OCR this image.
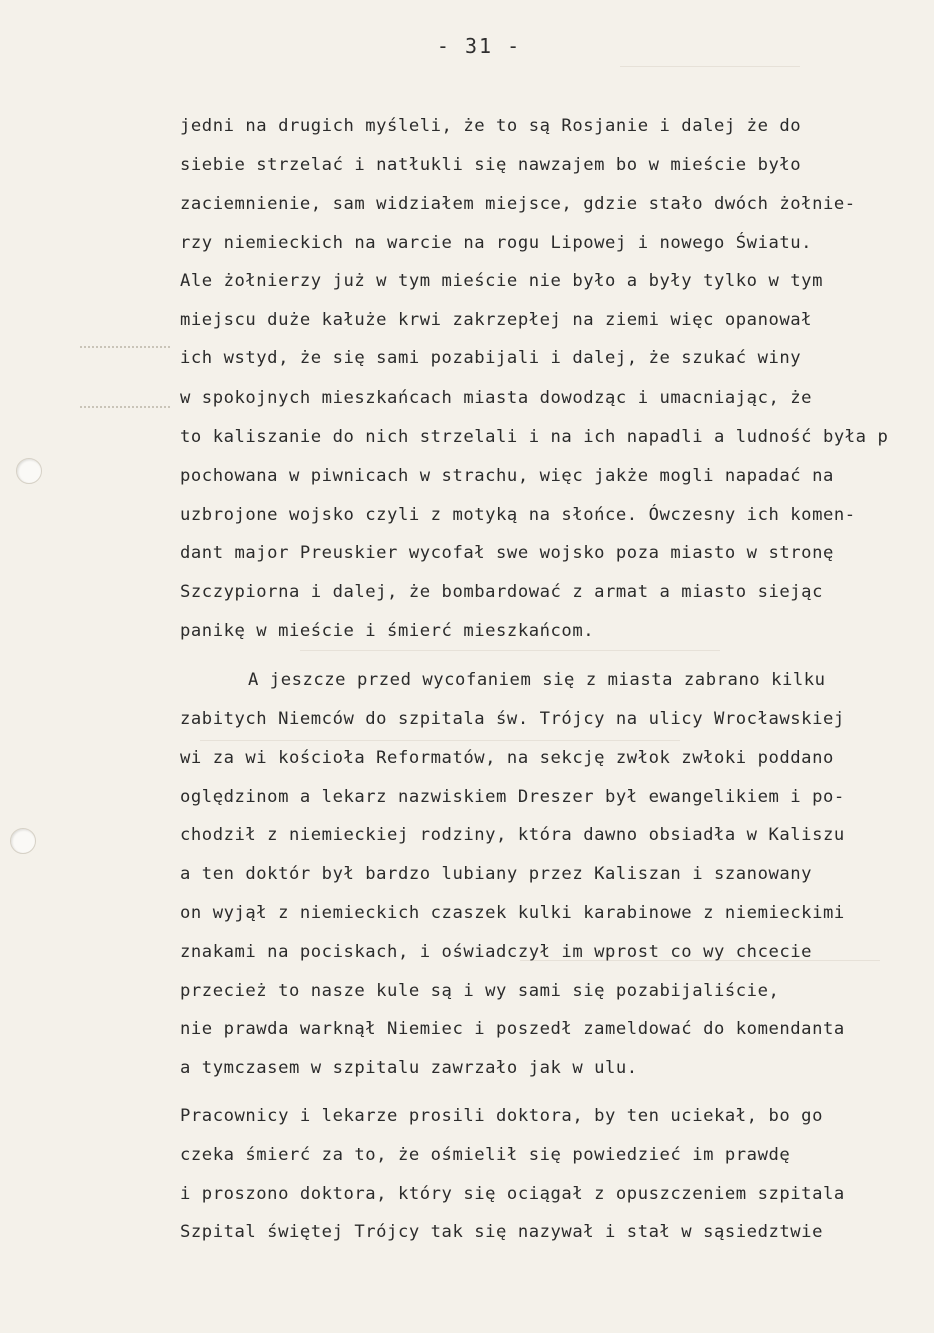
- 31 -
jedni na drugich myśleli, że to są Rosjanie i dalej że do
siebie strzelać i natłukli się nawzajem bo w mieście było
zaciemnienie, sam widziałem miejsce, gdzie stało dwóch żołnie-
rzy niemieckich na warcie na rogu Lipowej i nowego Światu.
Ale żołnierzy już w tym mieście nie było a były tylko w tym
miejscu duże kałuże krwi zakrzepłej na ziemi więc opanował
ich wstyd, że się sami pozabijali i dalej, że szukać winy
w spokojnych mieszkańcach miasta dowodząc i umacniając, że
to kaliszanie do nich strzelali i na ich napadli a ludność była p
pochowana w piwnicach w strachu, więc jakże mogli napadać na
uzbrojone wojsko czyli z motyką na słońce. Ówczesny ich komen-
dant major Preuskier wycofał swe wojsko poza miasto w stronę
Szczypiorna i dalej, że bombardować z armat a miasto siejąc
panikę w mieście i śmierć mieszkańcom.
A jeszcze przed wycofaniem się z miasta zabrano kilku
zabitych Niemców do szpitala św. Trójcy na ulicy Wrocławskiej
wi za wi kościoła Reformatów, na sekcję zwłok zwłoki poddano
oględzinom a lekarz nazwiskiem Dreszer był ewangelikiem i po-
chodził z niemieckiej rodziny, która dawno obsiadła w Kaliszu
a ten doktór był bardzo lubiany przez Kaliszan i szanowany
on wyjął z niemieckich czaszek kulki karabinowe z niemieckimi
znakami na pociskach, i oświadczył im wprost co wy chcecie
przecież to nasze kule są i wy sami się pozabijaliście,
nie prawda warknął Niemiec i poszedł zameldować do komendanta
a tymczasem w szpitalu zawrzało jak w ulu.
Pracownicy i lekarze prosili doktora, by ten uciekał, bo go
czeka śmierć za to, że ośmielił się powiedzieć im prawdę
i proszono doktora, który się ociągał z opuszczeniem szpitala
Szpital świętej Trójcy tak się nazywał i stał w sąsiedztwie
